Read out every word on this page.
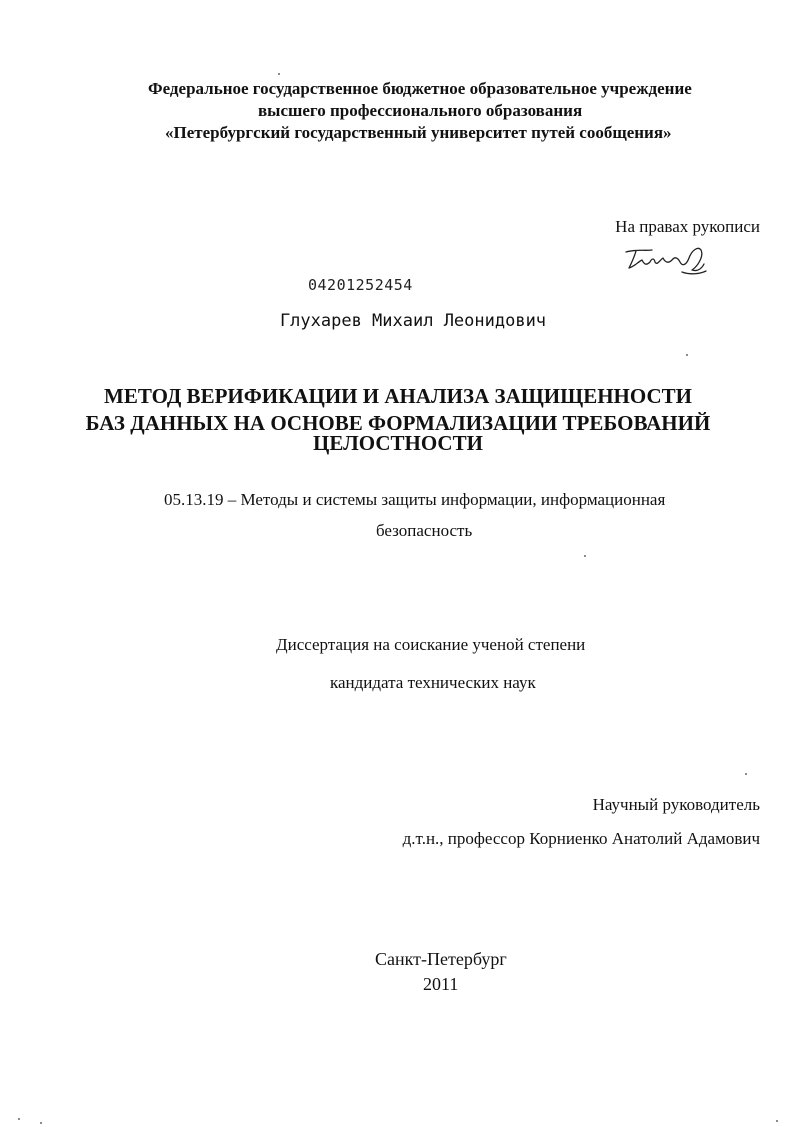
Федеральное государственное бюджетное образовательное учреждение
высшего профессионального образования
«Петербургский государственный университет путей сообщения»
На правах рукописи
04201252454
Глухарев Михаил Леонидович
МЕТОД ВЕРИФИКАЦИИ И АНАЛИЗА ЗАЩИЩЕННОСТИ
БАЗ ДАННЫХ НА ОСНОВЕ ФОРМАЛИЗАЦИИ ТРЕБОВАНИЙ
ЦЕЛОСТНОСТИ
05.13.19 – Методы и системы защиты информации, информационная
безопасность
Диссертация на соискание ученой степени
кандидата технических наук
Научный руководитель
д.т.н., профессор Корниенко Анатолий Адамович
Санкт-Петербург
2011
